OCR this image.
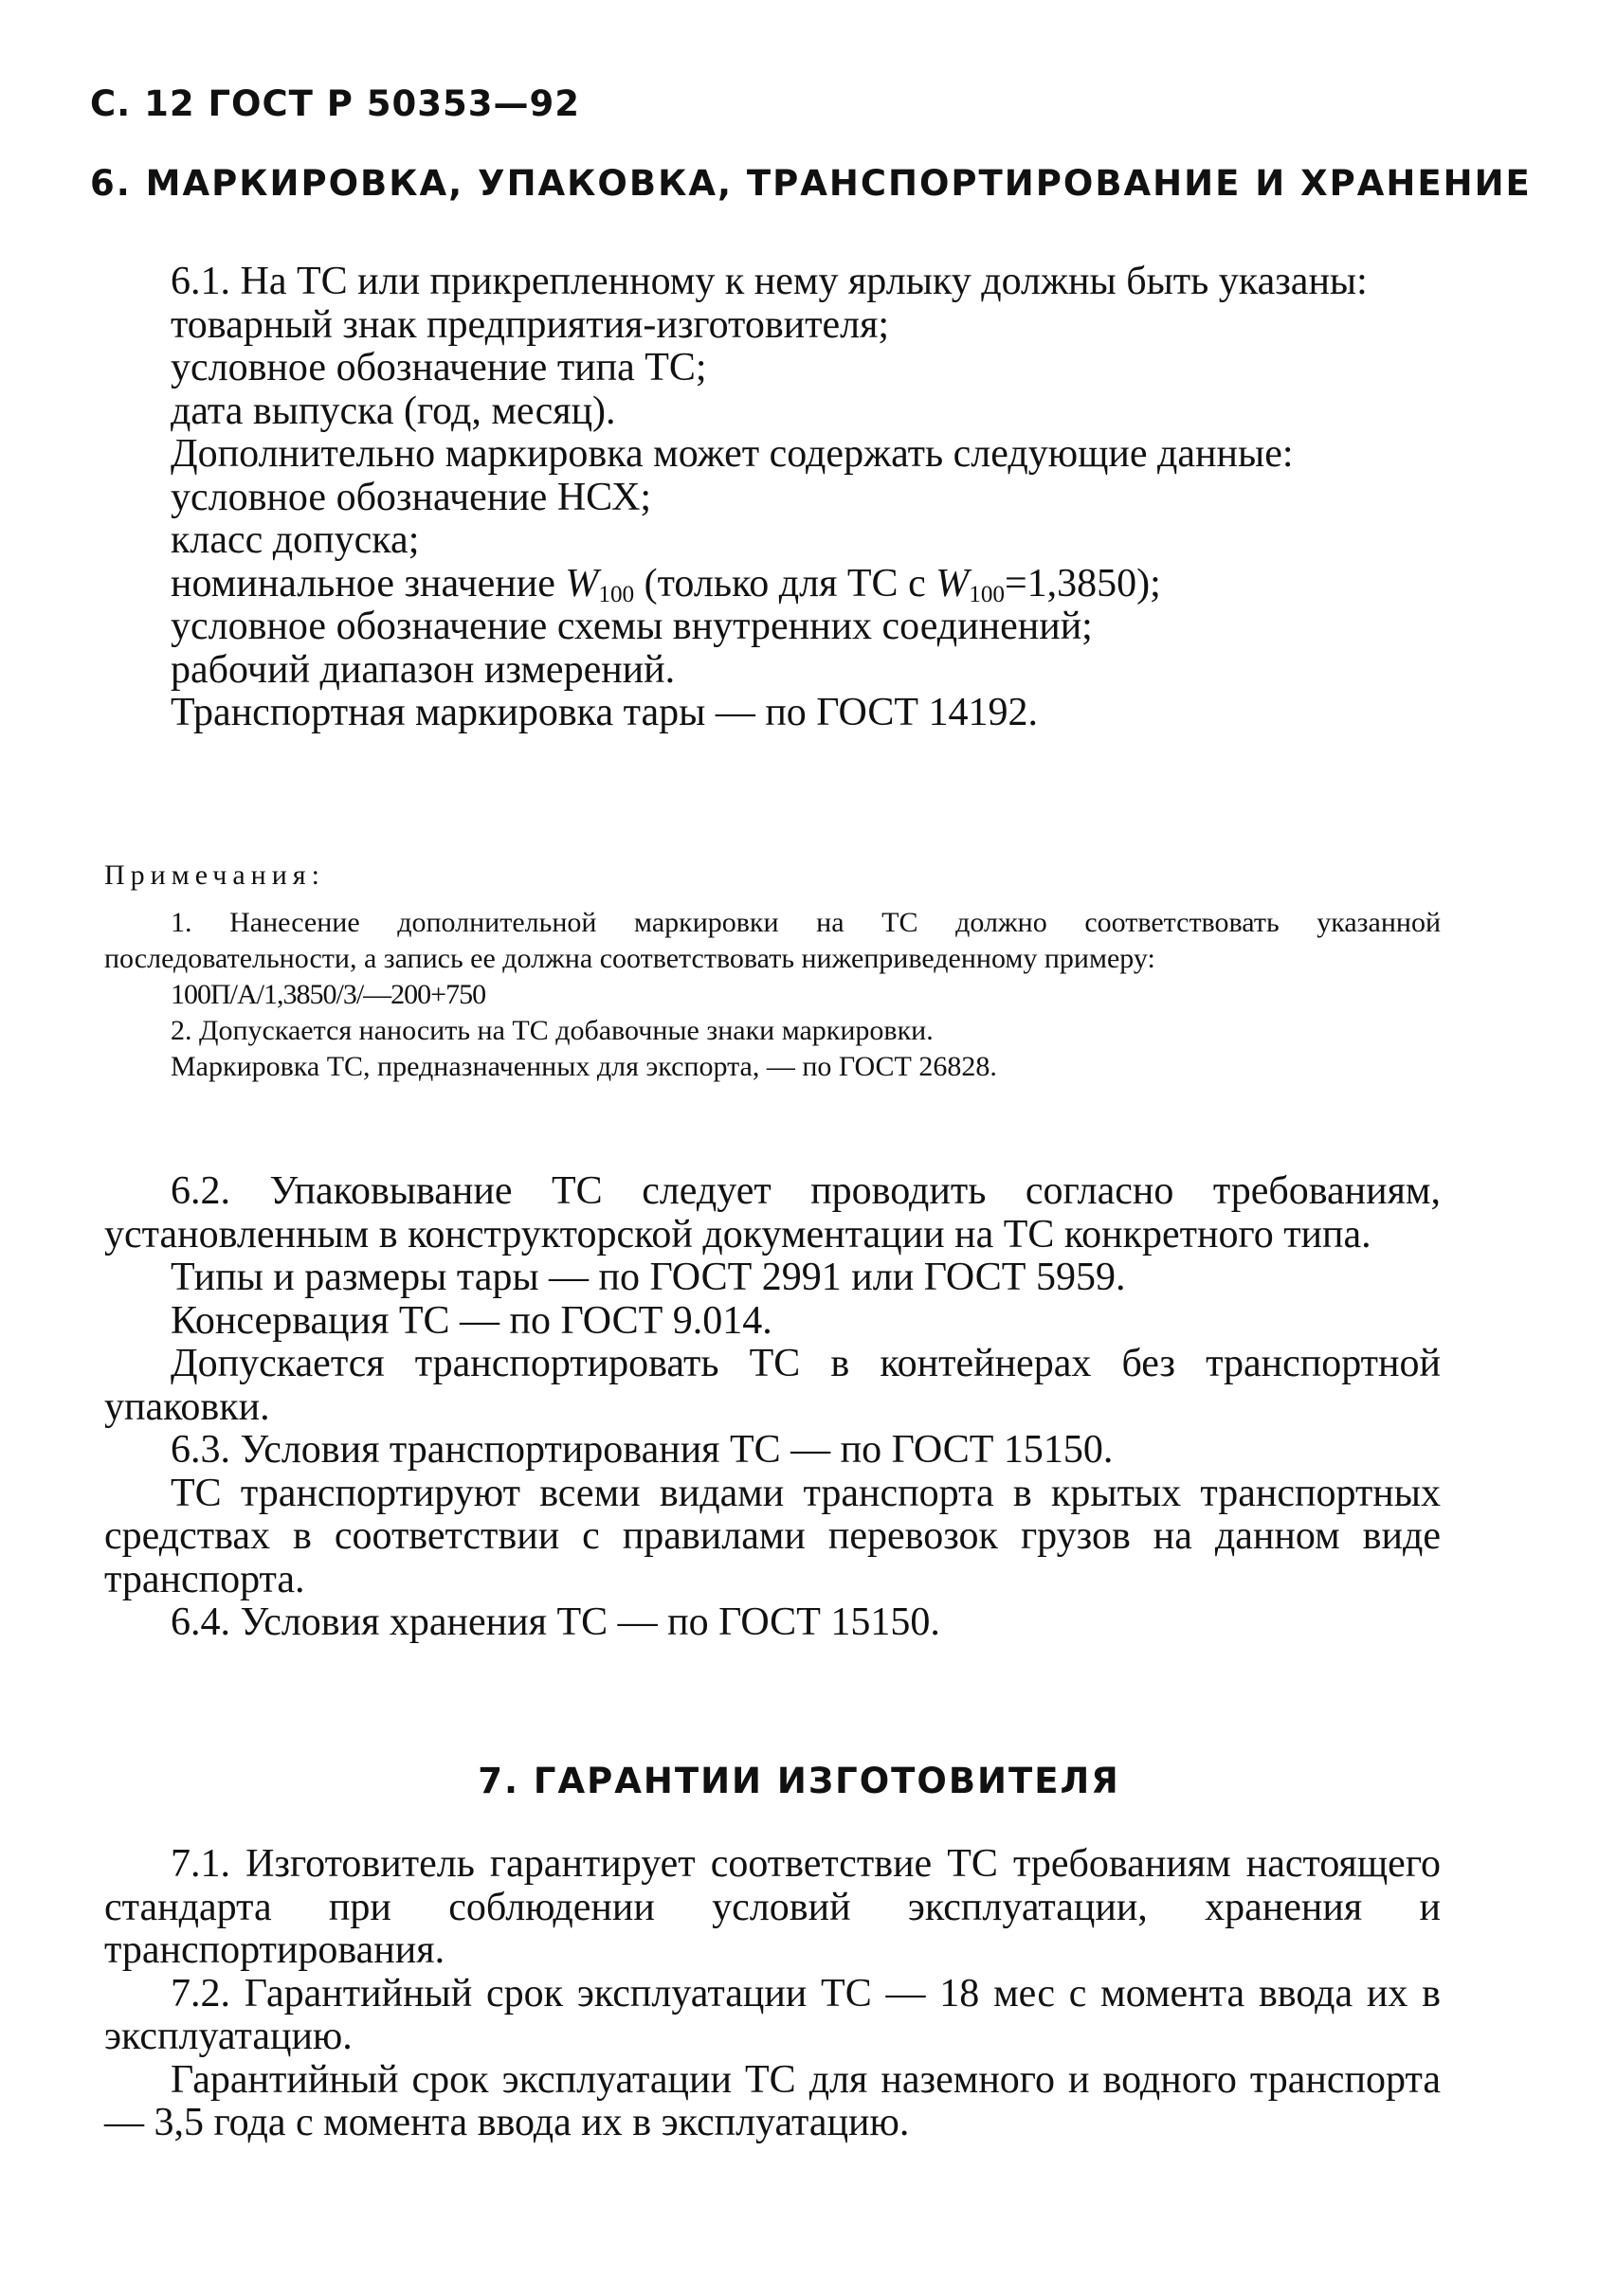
С. 12 ГОСТ Р 50353—92
6. МАРКИРОВКА, УПАКОВКА, ТРАНСПОРТИРОВАНИЕ И ХРАНЕНИЕ

6.1. На ТС или прикрепленному к нему ярлыку должны быть указаны:

товарный знак предприятия-изготовителя;

условное обозначение типа ТС;

дата выпуска (год, месяц).

Дополнительно маркировка может содержать следующие данные:

условное обозначение НСХ;

класс допуска;

номинальное значение $W_{100}$ (только для ТС с $W_{100}=1,3850$);

условное обозначение схемы внутренних соединений;

рабочий диапазон измерений.

Транспортная маркировка тары — по ГОСТ 14192.

Примечания:

1. Нанесение дополнительной маркировки на ТС должно соответствовать указанной последовательности, а запись ее должна соответствовать нижеприведенному примеру:

100П/А/1,3850/3/—200+750

2. Допускается наносить на ТС добавочные знаки маркировки.

Маркировка ТС, предназначенных для экспорта, — по ГОСТ 26828.

6.2. Упаковывание ТС следует проводить согласно требованиям, установленным в конструкторской документации на ТС конкретного типа.

Типы и размеры тары — по ГОСТ 2991 или ГОСТ 5959.

Консервация ТС — по ГОСТ 9.014.

Допускается транспортировать ТС в контейнерах без транспортной упаковки.

6.3. Условия транспортирования ТС — по ГОСТ 15150.

ТС транспортируют всеми видами транспорта в крытых транспортных средствах в соответствии с правилами перевозок грузов на данном виде транспорта.

6.4. Условия хранения ТС — по ГОСТ 15150.

7. ГАРАНТИИ ИЗГОТОВИТЕЛЯ

7.1. Изготовитель гарантирует соответствие ТС требованиям настоящего стандарта при соблюдении условий эксплуатации, хранения и транспортирования.

7.2. Гарантийный срок эксплуатации ТС — 18 мес с момента ввода их в эксплуатацию.

Гарантийный срок эксплуатации ТС для наземного и водного транспорта — 3,5 года с момента ввода их в эксплуатацию.
